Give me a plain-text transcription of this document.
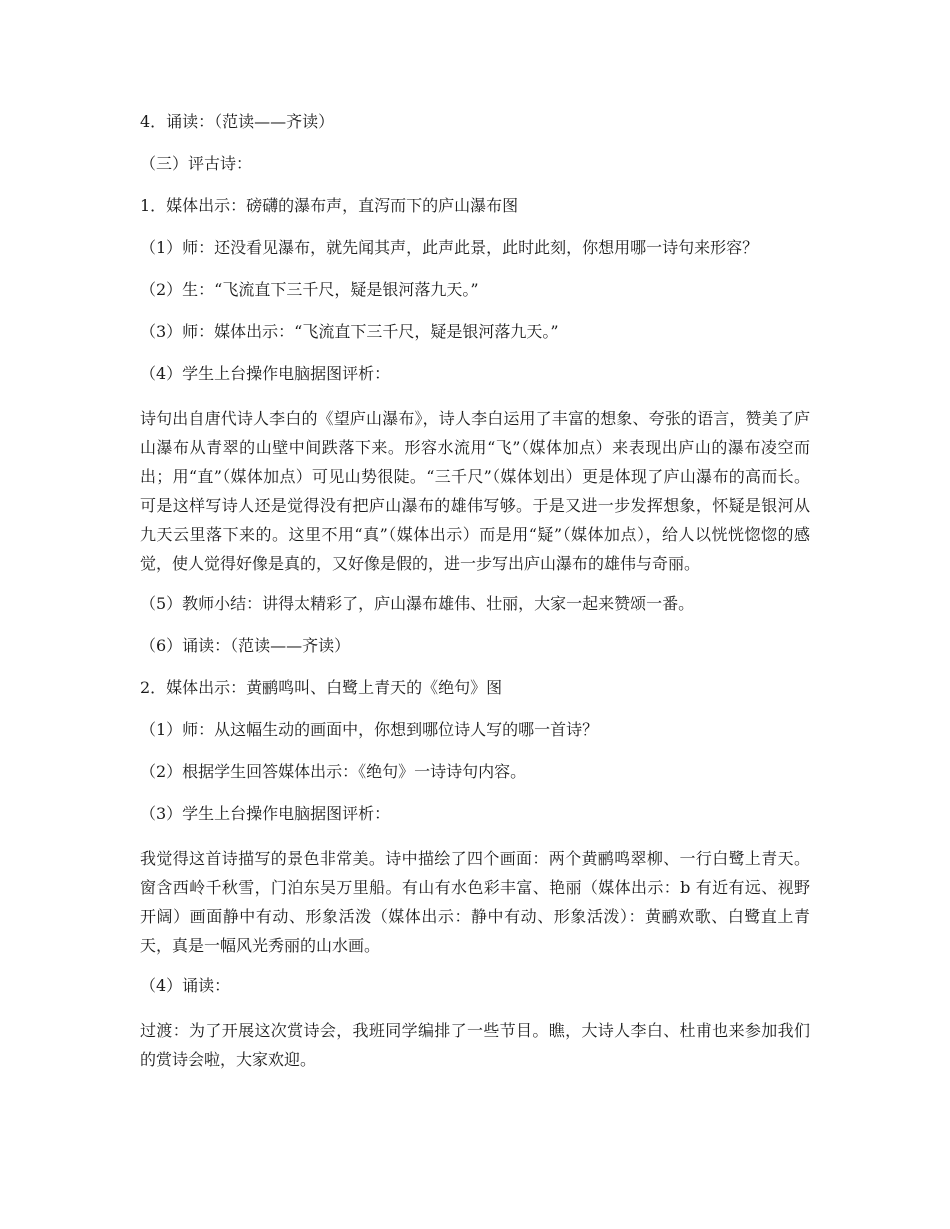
4．诵读：（范读——齐读）

（三）评古诗：

1．媒体出示：磅礴的瀑布声，直泻而下的庐山瀑布图

（1）师：还没看见瀑布，就先闻其声，此声此景，此时此刻，你想用哪一诗句来形容？

（2）生：“飞流直下三千尺，疑是银河落九天。”

（3）师：媒体出示：“飞流直下三千尺，疑是银河落九天。”

（4）学生上台操作电脑据图评析：

诗句出自唐代诗人李白的《望庐山瀑布》，诗人李白运用了丰富的想象、夸张的语言，赞美了庐山瀑布从青翠的山壁中间跌落下来。形容水流用“飞”（媒体加点）来表现出庐山的瀑布凌空而出；用“直”（媒体加点）可见山势很陡。“三千尺”（媒体划出）更是体现了庐山瀑布的高而长。可是这样写诗人还是觉得没有把庐山瀑布的雄伟写够。于是又进一步发挥想象，怀疑是银河从九天云里落下来的。这里不用“真”（媒体出示）而是用“疑”（媒体加点），给人以恍恍惚惚的感觉，使人觉得好像是真的，又好像是假的，进一步写出庐山瀑布的雄伟与奇丽。

（5）教师小结：讲得太精彩了，庐山瀑布雄伟、壮丽，大家一起来赞颂一番。

（6）诵读：（范读——齐读）

2．媒体出示：黄鹂鸣叫、白鹭上青天的《绝句》图

（1）师：从这幅生动的画面中，你想到哪位诗人写的哪一首诗？

（2）根据学生回答媒体出示：《绝句》一诗诗句内容。

（3）学生上台操作电脑据图评析：

我觉得这首诗描写的景色非常美。诗中描绘了四个画面：两个黄鹂鸣翠柳、一行白鹭上青天。窗含西岭千秋雪，门泊东吴万里船。有山有水色彩丰富、艳丽（媒体出示：b 有近有远、视野开阔）画面静中有动、形象活泼（媒体出示：静中有动、形象活泼）：黄鹂欢歌、白鹭直上青天，真是一幅风光秀丽的山水画。

（4）诵读：

过渡：为了开展这次赏诗会，我班同学编排了一些节目。瞧，大诗人李白、杜甫也来参加我们的赏诗会啦，大家欢迎。
